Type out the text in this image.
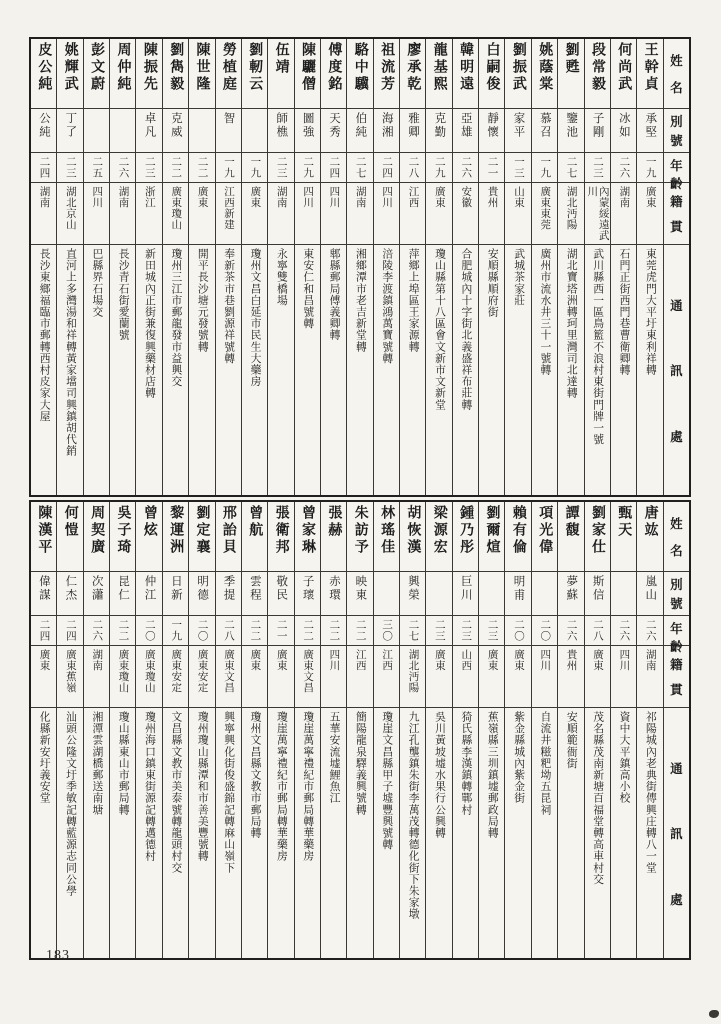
姓
名
別
號
年
齡
籍
貫
通
訊
處
王幹貞
承堅
一九
廣東
東莞虎門大平圩東利祥轉
何尚武
冰如
二六
湖南
石門正街西門巷曹衛卿轉
段常毅
子剛
二三
內蒙綏遠武川
武川縣西一區鳥籃不浪村東街門牌一號
劉甦
鑒池
二七
湖北沔陽
湖北寶塔洲轉珂里灣司北達轉
姚蔭棠
慕召
一九
廣東東莞
廣州市流水井三十一號轉
劉振武
家平
一三
山東
武城茶家莊
白嗣俊
靜懷
二一
貴州
安順縣順府街
韓明遠
亞雄
二六
安徽
合肥城內十字街北義盛祥布莊轉
龍基熙
克勤
二九
廣東
瓊山縣第十八區會文新市文新堂
廖承乾
雅卿
二八
江西
萍鄉上埠區王家源轉
祖流芳
海湘
二四
四川
涪陵李渡鎮鴻萬寶號轉
駱中驥
伯純
二七
湖南
湘鄉潭市老吉新堂轉
傅度銘
天秀
二四
四川
郫縣郵局傅義卿轉
陳驪僧
圖強
二九
四川
東安仁和昌號轉
伍靖
師樵
二三
湖南
永寧雙橋場
劉軔云
一九
廣東
瓊州文昌白延市民生大藥房
勞植庭
智
一九
江西新建
奉新茶市巷劉源祥號轉
陳世隆
二二
廣東
開平長沙塘元發號轉
劉雋毅
克威
二二
廣東瓊山
瓊州三江市郵龍發市益興交
陳振先
卓凡
二三
浙江
新田城內正街兼復興藥材店轉
周仲純
二六
湖南
長沙青石街愛蘭號
彭文蔚
二五
四川
巴縣界石場交
姚輝武
丁了
二三
湖北京山
直河上多灣湯和祥轉黃家壋司興鎮胡代銷
皮公純
公純
二四
湖南
長沙東鄉福臨市郵轉西村皮家大屋
姓
名
別
號
年
齡
籍
貫
通
訊
處
唐竑
嵐山
二六
湖南
祁陽城內老典街傳興庄轉八一堂
甄天
二六
四川
資中大平鎮高小校
劉家仕
斯信
二八
廣東
茂名縣茂南新塘百福堂轉高車村交
譚馥
夢蘇
二六
貴州
安順範衙街
項光偉
二〇
四川
自流井糍粑坳五昆祠
賴有倫
明甫
二〇
廣東
紫金縣城內紫金街
劉爾煊
二三
廣東
蕉嶺縣三圳鎮墟郵政局轉
鍾乃彤
巨川
二三
山西
猗氏縣李漢鎮轉鄲村
梁源宏
二三
廣東
吳川黃坡墟水果行公興轉
胡恢漢
興榮
二七
湖北沔陽
九江孔壟鎮朱街李萬茂轉德化街下朱家墩
林瑤佳
三〇
江西
瓊崖文昌縣甲子墟豐興號轉
朱訪予
映東
二二
江西
簡陽龍泉驛義興號轉
張赫
赤環
二二
四川
五華安流墟鯉魚江
曾家琳
子瓌
二二
廣東文昌
瓊崖萬寧禮紀市郵局轉華藥房
張衛邦
敬民
二一
廣東
瓊崖萬寧禮紀市郵局轉華藥房
曾航
雲程
二二
廣東
瓊州文昌縣文教市郵局轉
邢詒貝
季提
二八
廣東文昌
興寧興化街俊盛錦記轉麻山嶺下
劉定襄
明德
二〇
廣東安定
瓊州瓊山縣潭和市善美豐號轉
黎運洲
日新
一九
廣東安定
文昌縣文教市美泰號轉龍頭村交
曾炫
仲江
二〇
廣東瓊山
瓊州海口鎮東街源記轉邁德村
吳子琦
昆仁
二二
廣東瓊山
瓊山縣東山市郵局轉
周契廣
次瀟
二六
湖南
湘潭雲湖橋郵送南塘
何愷
仁杰
二四
廣東蕉嶺
汕頭公隆文圩季敏記轉藍源志同公學
陳漢平
偉謀
二四
廣東
化縣新安圩義安堂
183
